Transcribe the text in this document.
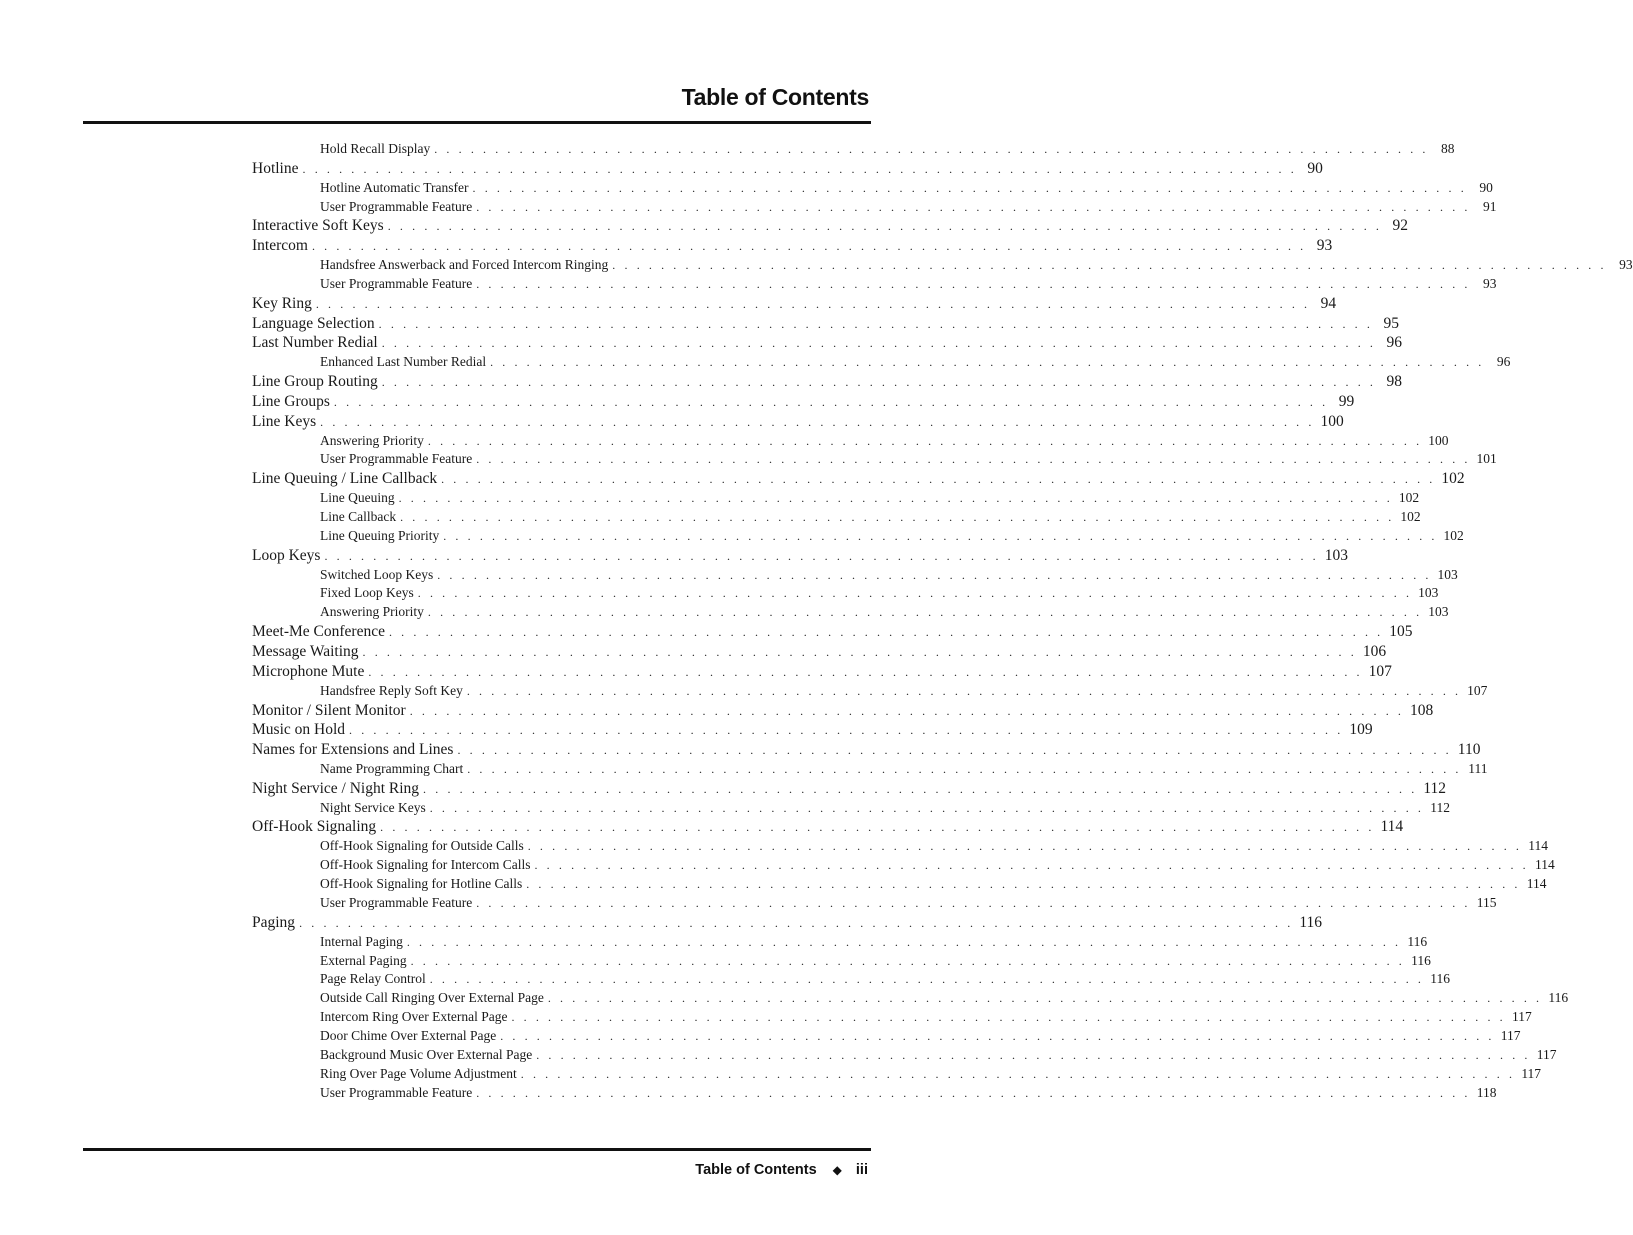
Table of Contents
Hold Recall Display . . . . . . . . . . . . . . . . . . . . . . . . . . . . . . . . . . . . . . . . . . . . . . . . . . . . . . . . . . . . . . . . . . . . . . . . . . . . . . . . . . 88
Hotline . . . . . . . . . . . . . . . . . . . . . . . . . . . . . . . . . . . . . . . . . . . . . . . . . . . . . . . . . . . . . . . . . . . . . . . . . . . . . . . . . . 90
Hotline Automatic Transfer . . . . . . . . . . . . . . . . . . . . . . . . . . . . . . . . . . . . . . . . . . . . . . . . . . . . . . . . . . . . . . . . . . . . . . . . . . . . . . . . . . 90
User Programmable Feature . . . . . . . . . . . . . . . . . . . . . . . . . . . . . . . . . . . . . . . . . . . . . . . . . . . . . . . . . . . . . . . . . . . . . . . . . . . . . . . . . . 91
Interactive Soft Keys . . . . . . . . . . . . . . . . . . . . . . . . . . . . . . . . . . . . . . . . . . . . . . . . . . . . . . . . . . . . . . . . . . . . . . . . . . . . . . . . . . 92
Intercom . . . . . . . . . . . . . . . . . . . . . . . . . . . . . . . . . . . . . . . . . . . . . . . . . . . . . . . . . . . . . . . . . . . . . . . . . . . . . . . . . . 93
Handsfree Answerback and Forced Intercom Ringing . . . . . . . . . . . . . . . . . . . . . . . . . . . . . . . . . . . . . . . . . . . . . . . . . . . . . . . . . . . . . . . . . . . . . . . . . . . . . . . . . . 93
User Programmable Feature . . . . . . . . . . . . . . . . . . . . . . . . . . . . . . . . . . . . . . . . . . . . . . . . . . . . . . . . . . . . . . . . . . . . . . . . . . . . . . . . . . 93
Key Ring . . . . . . . . . . . . . . . . . . . . . . . . . . . . . . . . . . . . . . . . . . . . . . . . . . . . . . . . . . . . . . . . . . . . . . . . . . . . . . . . . . 94
Language Selection . . . . . . . . . . . . . . . . . . . . . . . . . . . . . . . . . . . . . . . . . . . . . . . . . . . . . . . . . . . . . . . . . . . . . . . . . . . . . . . . . . 95
Last Number Redial . . . . . . . . . . . . . . . . . . . . . . . . . . . . . . . . . . . . . . . . . . . . . . . . . . . . . . . . . . . . . . . . . . . . . . . . . . . . . . . . . . 96
Enhanced Last Number Redial . . . . . . . . . . . . . . . . . . . . . . . . . . . . . . . . . . . . . . . . . . . . . . . . . . . . . . . . . . . . . . . . . . . . . . . . . . . . . . . . . . 96
Line Group Routing . . . . . . . . . . . . . . . . . . . . . . . . . . . . . . . . . . . . . . . . . . . . . . . . . . . . . . . . . . . . . . . . . . . . . . . . . . . . . . . . . . 98
Line Groups . . . . . . . . . . . . . . . . . . . . . . . . . . . . . . . . . . . . . . . . . . . . . . . . . . . . . . . . . . . . . . . . . . . . . . . . . . . . . . . . . . 99
Line Keys . . . . . . . . . . . . . . . . . . . . . . . . . . . . . . . . . . . . . . . . . . . . . . . . . . . . . . . . . . . . . . . . . . . . . . . . . . . . . . . . . . 100
Answering Priority . . . . . . . . . . . . . . . . . . . . . . . . . . . . . . . . . . . . . . . . . . . . . . . . . . . . . . . . . . . . . . . . . . . . . . . . . . . . . . . . . . 100
User Programmable Feature . . . . . . . . . . . . . . . . . . . . . . . . . . . . . . . . . . . . . . . . . . . . . . . . . . . . . . . . . . . . . . . . . . . . . . . . . . . . . . . . . . 101
Line Queuing / Line Callback . . . . . . . . . . . . . . . . . . . . . . . . . . . . . . . . . . . . . . . . . . . . . . . . . . . . . . . . . . . . . . . . . . . . . . . . . . . . . . . . . . 102
Line Queuing . . . . . . . . . . . . . . . . . . . . . . . . . . . . . . . . . . . . . . . . . . . . . . . . . . . . . . . . . . . . . . . . . . . . . . . . . . . . . . . . . . 102
Line Callback . . . . . . . . . . . . . . . . . . . . . . . . . . . . . . . . . . . . . . . . . . . . . . . . . . . . . . . . . . . . . . . . . . . . . . . . . . . . . . . . . . 102
Line Queuing Priority . . . . . . . . . . . . . . . . . . . . . . . . . . . . . . . . . . . . . . . . . . . . . . . . . . . . . . . . . . . . . . . . . . . . . . . . . . . . . . . . . . 102
Loop Keys . . . . . . . . . . . . . . . . . . . . . . . . . . . . . . . . . . . . . . . . . . . . . . . . . . . . . . . . . . . . . . . . . . . . . . . . . . . . . . . . . . 103
Switched Loop Keys . . . . . . . . . . . . . . . . . . . . . . . . . . . . . . . . . . . . . . . . . . . . . . . . . . . . . . . . . . . . . . . . . . . . . . . . . . . . . . . . . . 103
Fixed Loop Keys . . . . . . . . . . . . . . . . . . . . . . . . . . . . . . . . . . . . . . . . . . . . . . . . . . . . . . . . . . . . . . . . . . . . . . . . . . . . . . . . . . 103
Answering Priority . . . . . . . . . . . . . . . . . . . . . . . . . . . . . . . . . . . . . . . . . . . . . . . . . . . . . . . . . . . . . . . . . . . . . . . . . . . . . . . . . . 103
Meet-Me Conference . . . . . . . . . . . . . . . . . . . . . . . . . . . . . . . . . . . . . . . . . . . . . . . . . . . . . . . . . . . . . . . . . . . . . . . . . . . . . . . . . . 105
Message Waiting . . . . . . . . . . . . . . . . . . . . . . . . . . . . . . . . . . . . . . . . . . . . . . . . . . . . . . . . . . . . . . . . . . . . . . . . . . . . . . . . . . 106
Microphone Mute . . . . . . . . . . . . . . . . . . . . . . . . . . . . . . . . . . . . . . . . . . . . . . . . . . . . . . . . . . . . . . . . . . . . . . . . . . . . . . . . . . 107
Handsfree Reply Soft Key . . . . . . . . . . . . . . . . . . . . . . . . . . . . . . . . . . . . . . . . . . . . . . . . . . . . . . . . . . . . . . . . . . . . . . . . . . . . . . . . . . 107
Monitor / Silent Monitor . . . . . . . . . . . . . . . . . . . . . . . . . . . . . . . . . . . . . . . . . . . . . . . . . . . . . . . . . . . . . . . . . . . . . . . . . . . . . . . . . . 108
Music on Hold . . . . . . . . . . . . . . . . . . . . . . . . . . . . . . . . . . . . . . . . . . . . . . . . . . . . . . . . . . . . . . . . . . . . . . . . . . . . . . . . . . 109
Names for Extensions and Lines . . . . . . . . . . . . . . . . . . . . . . . . . . . . . . . . . . . . . . . . . . . . . . . . . . . . . . . . . . . . . . . . . . . . . . . . . . . . . . . . . . 110
Name Programming Chart . . . . . . . . . . . . . . . . . . . . . . . . . . . . . . . . . . . . . . . . . . . . . . . . . . . . . . . . . . . . . . . . . . . . . . . . . . . . . . . . . . 111
Night Service / Night Ring . . . . . . . . . . . . . . . . . . . . . . . . . . . . . . . . . . . . . . . . . . . . . . . . . . . . . . . . . . . . . . . . . . . . . . . . . . . . . . . . . . 112
Night Service Keys . . . . . . . . . . . . . . . . . . . . . . . . . . . . . . . . . . . . . . . . . . . . . . . . . . . . . . . . . . . . . . . . . . . . . . . . . . . . . . . . . . 112
Off-Hook Signaling . . . . . . . . . . . . . . . . . . . . . . . . . . . . . . . . . . . . . . . . . . . . . . . . . . . . . . . . . . . . . . . . . . . . . . . . . . . . . . . . . . 114
Off-Hook Signaling for Outside Calls . . . . . . . . . . . . . . . . . . . . . . . . . . . . . . . . . . . . . . . . . . . . . . . . . . . . . . . . . . . . . . . . . . . . . . . . . . . . . . . . . . 114
Off-Hook Signaling for Intercom Calls . . . . . . . . . . . . . . . . . . . . . . . . . . . . . . . . . . . . . . . . . . . . . . . . . . . . . . . . . . . . . . . . . . . . . . . . . . . . . . . . . . 114
Off-Hook Signaling for Hotline Calls . . . . . . . . . . . . . . . . . . . . . . . . . . . . . . . . . . . . . . . . . . . . . . . . . . . . . . . . . . . . . . . . . . . . . . . . . . . . . . . . . . 114
User Programmable Feature . . . . . . . . . . . . . . . . . . . . . . . . . . . . . . . . . . . . . . . . . . . . . . . . . . . . . . . . . . . . . . . . . . . . . . . . . . . . . . . . . . 115
Paging . . . . . . . . . . . . . . . . . . . . . . . . . . . . . . . . . . . . . . . . . . . . . . . . . . . . . . . . . . . . . . . . . . . . . . . . . . . . . . . . . . 116
Internal Paging . . . . . . . . . . . . . . . . . . . . . . . . . . . . . . . . . . . . . . . . . . . . . . . . . . . . . . . . . . . . . . . . . . . . . . . . . . . . . . . . . . 116
External Paging . . . . . . . . . . . . . . . . . . . . . . . . . . . . . . . . . . . . . . . . . . . . . . . . . . . . . . . . . . . . . . . . . . . . . . . . . . . . . . . . . . 116
Page Relay Control . . . . . . . . . . . . . . . . . . . . . . . . . . . . . . . . . . . . . . . . . . . . . . . . . . . . . . . . . . . . . . . . . . . . . . . . . . . . . . . . . . 116
Outside Call Ringing Over External Page . . . . . . . . . . . . . . . . . . . . . . . . . . . . . . . . . . . . . . . . . . . . . . . . . . . . . . . . . . . . . . . . . . . . . . . . . . . . . . . . . . 116
Intercom Ring Over External Page . . . . . . . . . . . . . . . . . . . . . . . . . . . . . . . . . . . . . . . . . . . . . . . . . . . . . . . . . . . . . . . . . . . . . . . . . . . . . . . . . . 117
Door Chime Over External Page . . . . . . . . . . . . . . . . . . . . . . . . . . . . . . . . . . . . . . . . . . . . . . . . . . . . . . . . . . . . . . . . . . . . . . . . . . . . . . . . . . 117
Background Music Over External Page . . . . . . . . . . . . . . . . . . . . . . . . . . . . . . . . . . . . . . . . . . . . . . . . . . . . . . . . . . . . . . . . . . . . . . . . . . . . . . . . . . 117
Ring Over Page Volume Adjustment . . . . . . . . . . . . . . . . . . . . . . . . . . . . . . . . . . . . . . . . . . . . . . . . . . . . . . . . . . . . . . . . . . . . . . . . . . . . . . . . . . 117
User Programmable Feature . . . . . . . . . . . . . . . . . . . . . . . . . . . . . . . . . . . . . . . . . . . . . . . . . . . . . . . . . . . . . . . . . . . . . . . . . . . . . . . . . . 118
Table of Contents ◆ iii
